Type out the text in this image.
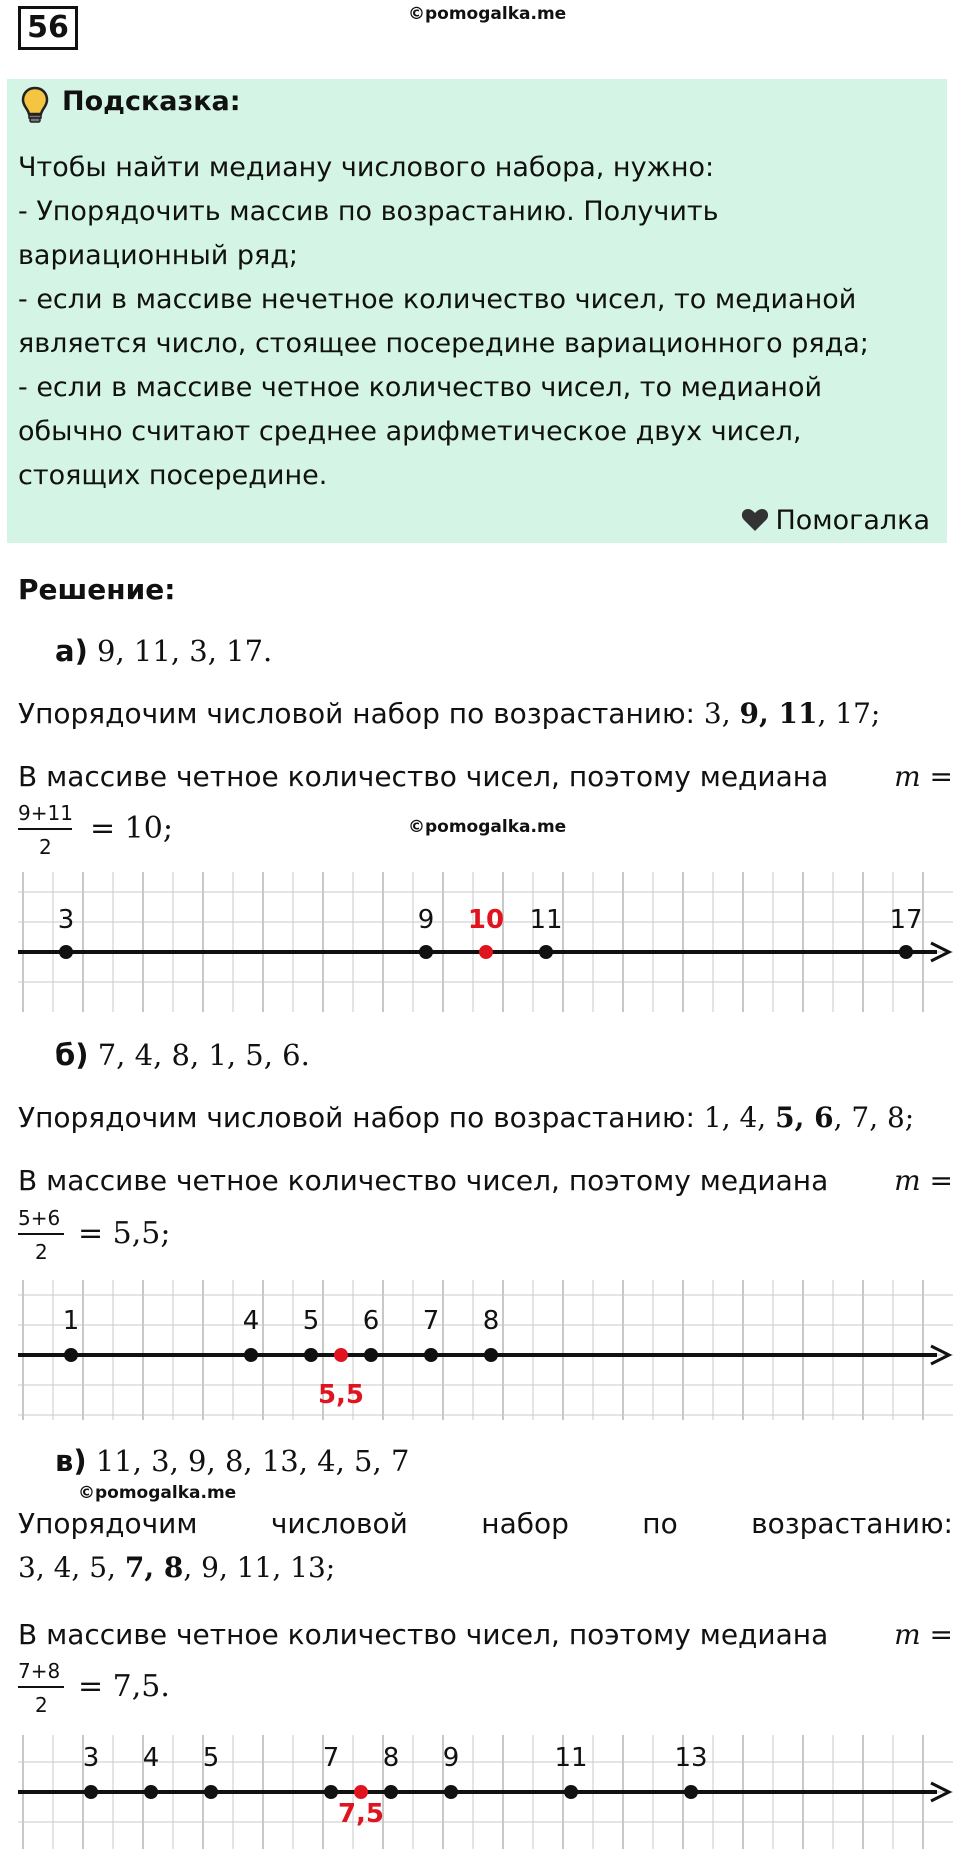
56	©pomogalka.me
Подсказка:
Чтобы найти медиану числового набора, нужно:
- Упорядочить массив по возрастанию. Получить
вариационный ряд;
- если в массиве нечетное количество чисел, то медианой
является число, стоящее посередине вариационного ряда;
- если в массиве четное количество чисел, то медианой
обычно считают среднее арифметическое двух чисел,
стоящих посередине.
Помогалка
Решение:
а) 9, 11, 3, 17.
Упорядочим числовой набор по возрастанию: 3, 9, 11, 17;
В массиве четное количество чисел, поэтому медиана m =
9+11
2
= 10;	©pomogalka.me
3	9	11	17
10
б) 7, 4, 8, 1, 5, 6.
Упорядочим числовой набор по возрастанию: 1, 4, 5, 6, 7, 8;
В массиве четное количество чисел, поэтому медиана m =
5+6
2
= 5,5;
1	4 5 6 7 8
5,5
в) 11, 3, 9, 8, 13, 4, 5, 7
©pomogalka.me
Упорядочим	числовой	набор	по	возрастанию:
3, 4, 5, 7, 8, 9, 11, 13;
В массиве четное количество чисел, поэтому медиана m =
7+8
2
= 7,5.
3 4 5	7 8 9	11	13
7,5
